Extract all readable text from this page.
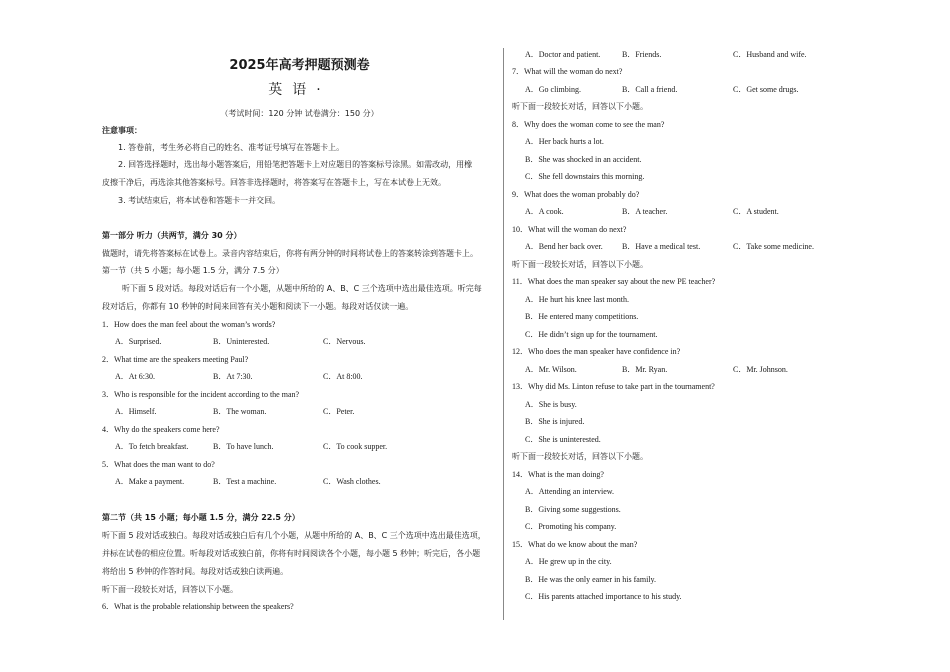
2025年高考押题预测卷
英语·
（考试时间：120 分钟 试卷满分：150 分）
注意事项：
1. 答卷前，考生务必将自己的姓名、准考证号填写在答题卡上。
2. 回答选择题时，选出每小题答案后，用铅笔把答题卡上对应题目的答案标号涂黑。如需改动，用橡
皮擦干净后，再选涂其他答案标号。回答非选择题时，将答案写在答题卡上，写在本试卷上无效。
3. 考试结束后，将本试卷和答题卡一并交回。
第一部分 听力（共两节，满分 30 分）
做题时，请先将答案标在试卷上。录音内容结束后，你将有两分钟的时间将试卷上的答案转涂到答题卡上。
第一节（共 5 小题；每小题 1.5 分，满分 7.5 分）
听下面 5 段对话。每段对话后有一个小题，从题中所给的 A、B、C 三个选项中选出最佳选项。听完每
段对话后，你都有 10 秒钟的时间来回答有关小题和阅读下一小题。每段对话仅读一遍。
1．How does the man feel about the woman’s words?
A．Surprised.	B．Uninterested.	C．Nervous.
2．What time are the speakers meeting Paul?
A．At 6:30.	B．At 7:30.	C．At 8:00.
3．Who is responsible for the incident according to the man?
A．Himself.	B．The woman.	C．Peter.
4．Why do the speakers come here?
A．To fetch breakfast.	B．To have lunch.	C．To cook supper.
5．What does the man want to do?
A．Make a payment.	B．Test a machine.	C．Wash clothes.
第二节（共 15 小题；每小题 1.5 分，满分 22.5 分）
听下面 5 段对话或独白。每段对话或独白后有几个小题，从题中所给的 A、B、C 三个选项中选出最佳选项，
并标在试卷的相应位置。听每段对话或独白前，你将有时间阅读各个小题，每小题 5 秒钟；听完后，各小题
将给出 5 秒钟的作答时间。每段对话或独白读两遍。
听下面一段较长对话，回答以下小题。
6．What is the probable relationship between the speakers?
A．Doctor and patient.	B．Friends.	C．Husband and wife.
7．What will the woman do next?
A．Go climbing.	B．Call a friend.	C．Get some drugs.
听下面一段较长对话，回答以下小题。
8．Why does the woman come to see the man?
A．Her back hurts a lot.
B．She was shocked in an accident.
C．She fell downstairs this morning.
9．What does the woman probably do?
A．A cook.	B．A teacher.	C．A student.
10．What will the woman do next?
A．Bend her back over. B．Have a medical test.	C．Take some medicine.
听下面一段较长对话，回答以下小题。
11．What does the man speaker say about the new PE teacher?
A．He hurt his knee last month.
B．He entered many competitions.
C．He didn’t sign up for the tournament.
12．Who does the man speaker have confidence in?
A．Mr. Wilson.	B．Mr. Ryan.	C．Mr. Johnson.
13．Why did Ms. Linton refuse to take part in the tournament?
A．She is busy.
B．She is injured.
C．She is uninterested.
听下面一段较长对话，回答以下小题。
14．What is the man doing?
A．Attending an interview.
B．Giving some suggestions.
C．Promoting his company.
15．What do we know about the man?
A．He grew up in the city.
B．He was the only earner in his family.
C．His parents attached importance to his study.
